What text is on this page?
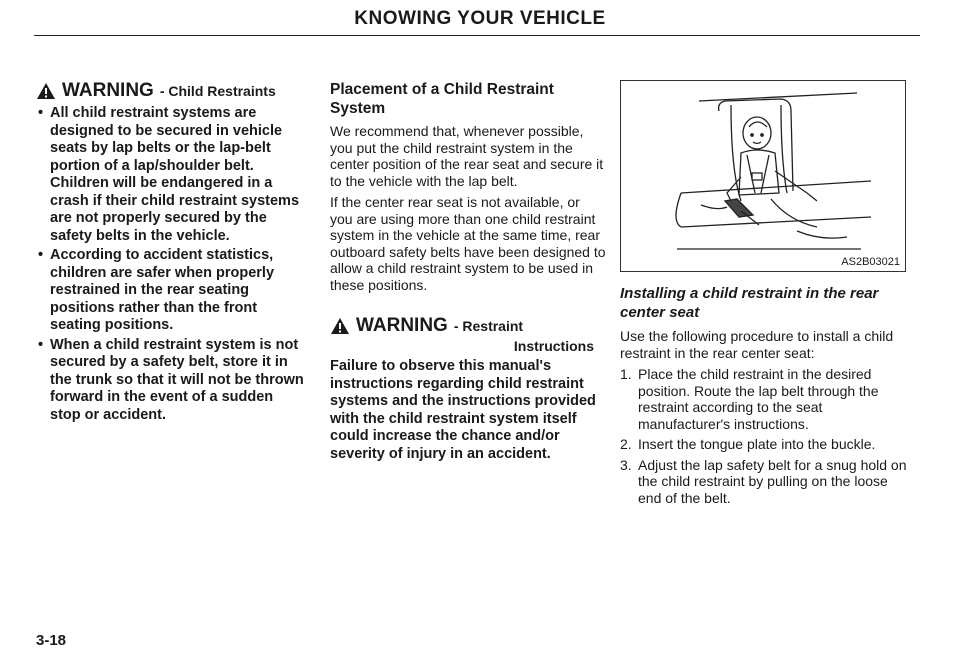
KNOWING YOUR VEHICLE
WARNING - Child Restraints
• All child restraint systems are designed to be secured in vehicle seats by lap belts or the lap-belt portion of a lap/shoulder belt. Children will be endangered in a crash if their child restraint systems are not properly secured by the safety belts in the vehicle.
• According to accident statistics, children are safer when properly restrained in the rear seating positions rather than the front seating positions.
• When a child restraint system is not secured by a safety belt, store it in the trunk so that it will not be thrown forward in the event of a sudden stop or accident.
Placement of a Child Restraint System

We recommend that, whenever possible, you put the child restraint system in the center position of the rear seat and secure it to the vehicle with the lap belt.

If the center rear seat is not available, or you are using more than one child restraint system in the vehicle at the same time, rear outboard safety belts have been designed to allow a child restraint system to be used in these positions.

WARNING - Restraint
Instructions

Failure to observe this manual's instructions regarding child restraint systems and the instructions provided with the child restraint system itself could increase the chance and/or severity of injury in an accident.

AS2B03021
Installing a child restraint in the rear center seat

Use the following procedure to install a child restraint in the rear center seat:

1. Place the child restraint in the desired position. Route the lap belt through the restraint according to the seat manufacturer's instructions.
2. Insert the tongue plate into the buckle.
3. Adjust the lap safety belt for a snug hold on the child restraint by pulling on the loose end of the belt.
3-18
